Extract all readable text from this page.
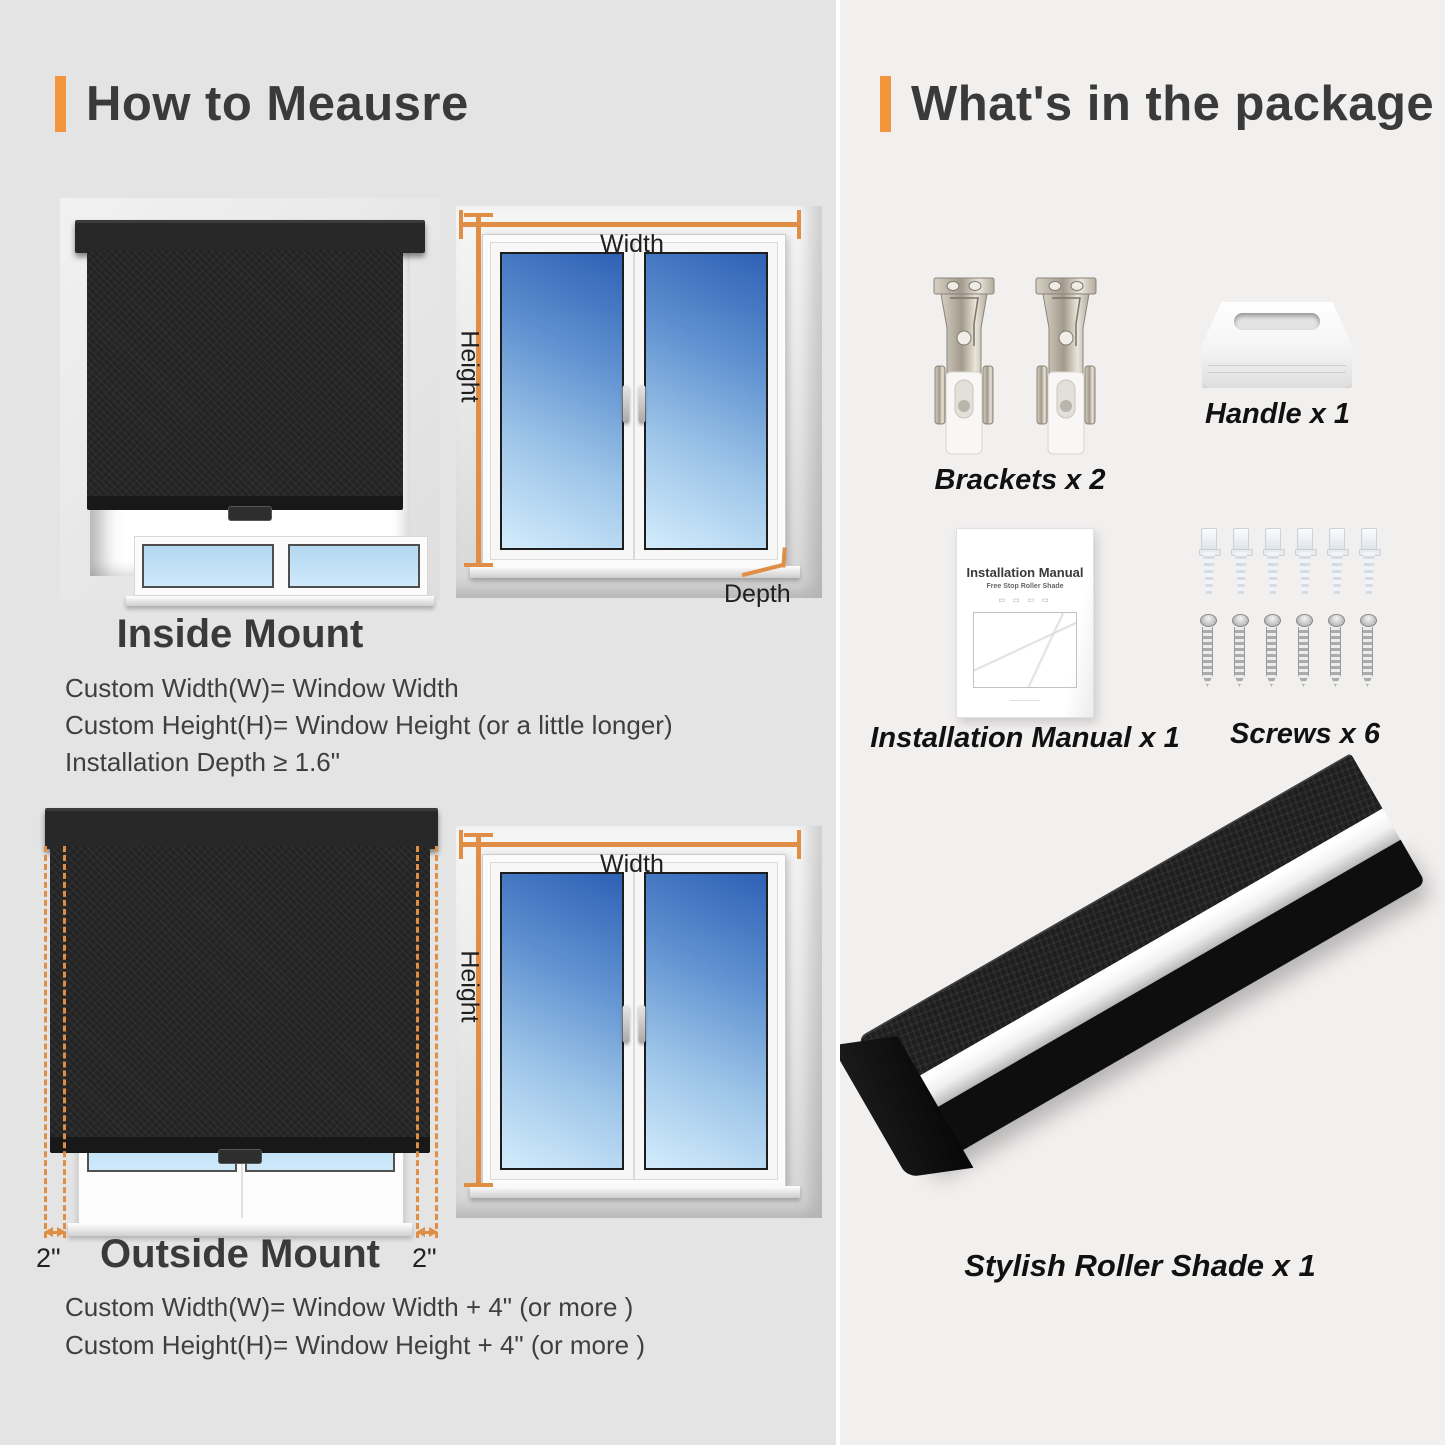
How to Meausre
Width
Height
Depth
Inside Mount
Custom Width(W)= Window Width
Custom Height(H)= Window Height (or a little longer)
Installation Depth ≥ 1.6"
2"	2"
Width
Height
Outside Mount
Custom Width(W)= Window Width + 4" (or more )
Custom Height(H)= Window Height + 4" (or more )
What's in the package
Brackets x 2
Handle x 1
Installation Manual
Free Stop Roller Shade
▭ ▭ ▭ ▭
――――――
Installation Manual x 1	Screws x 6
Stylish Roller Shade x 1
